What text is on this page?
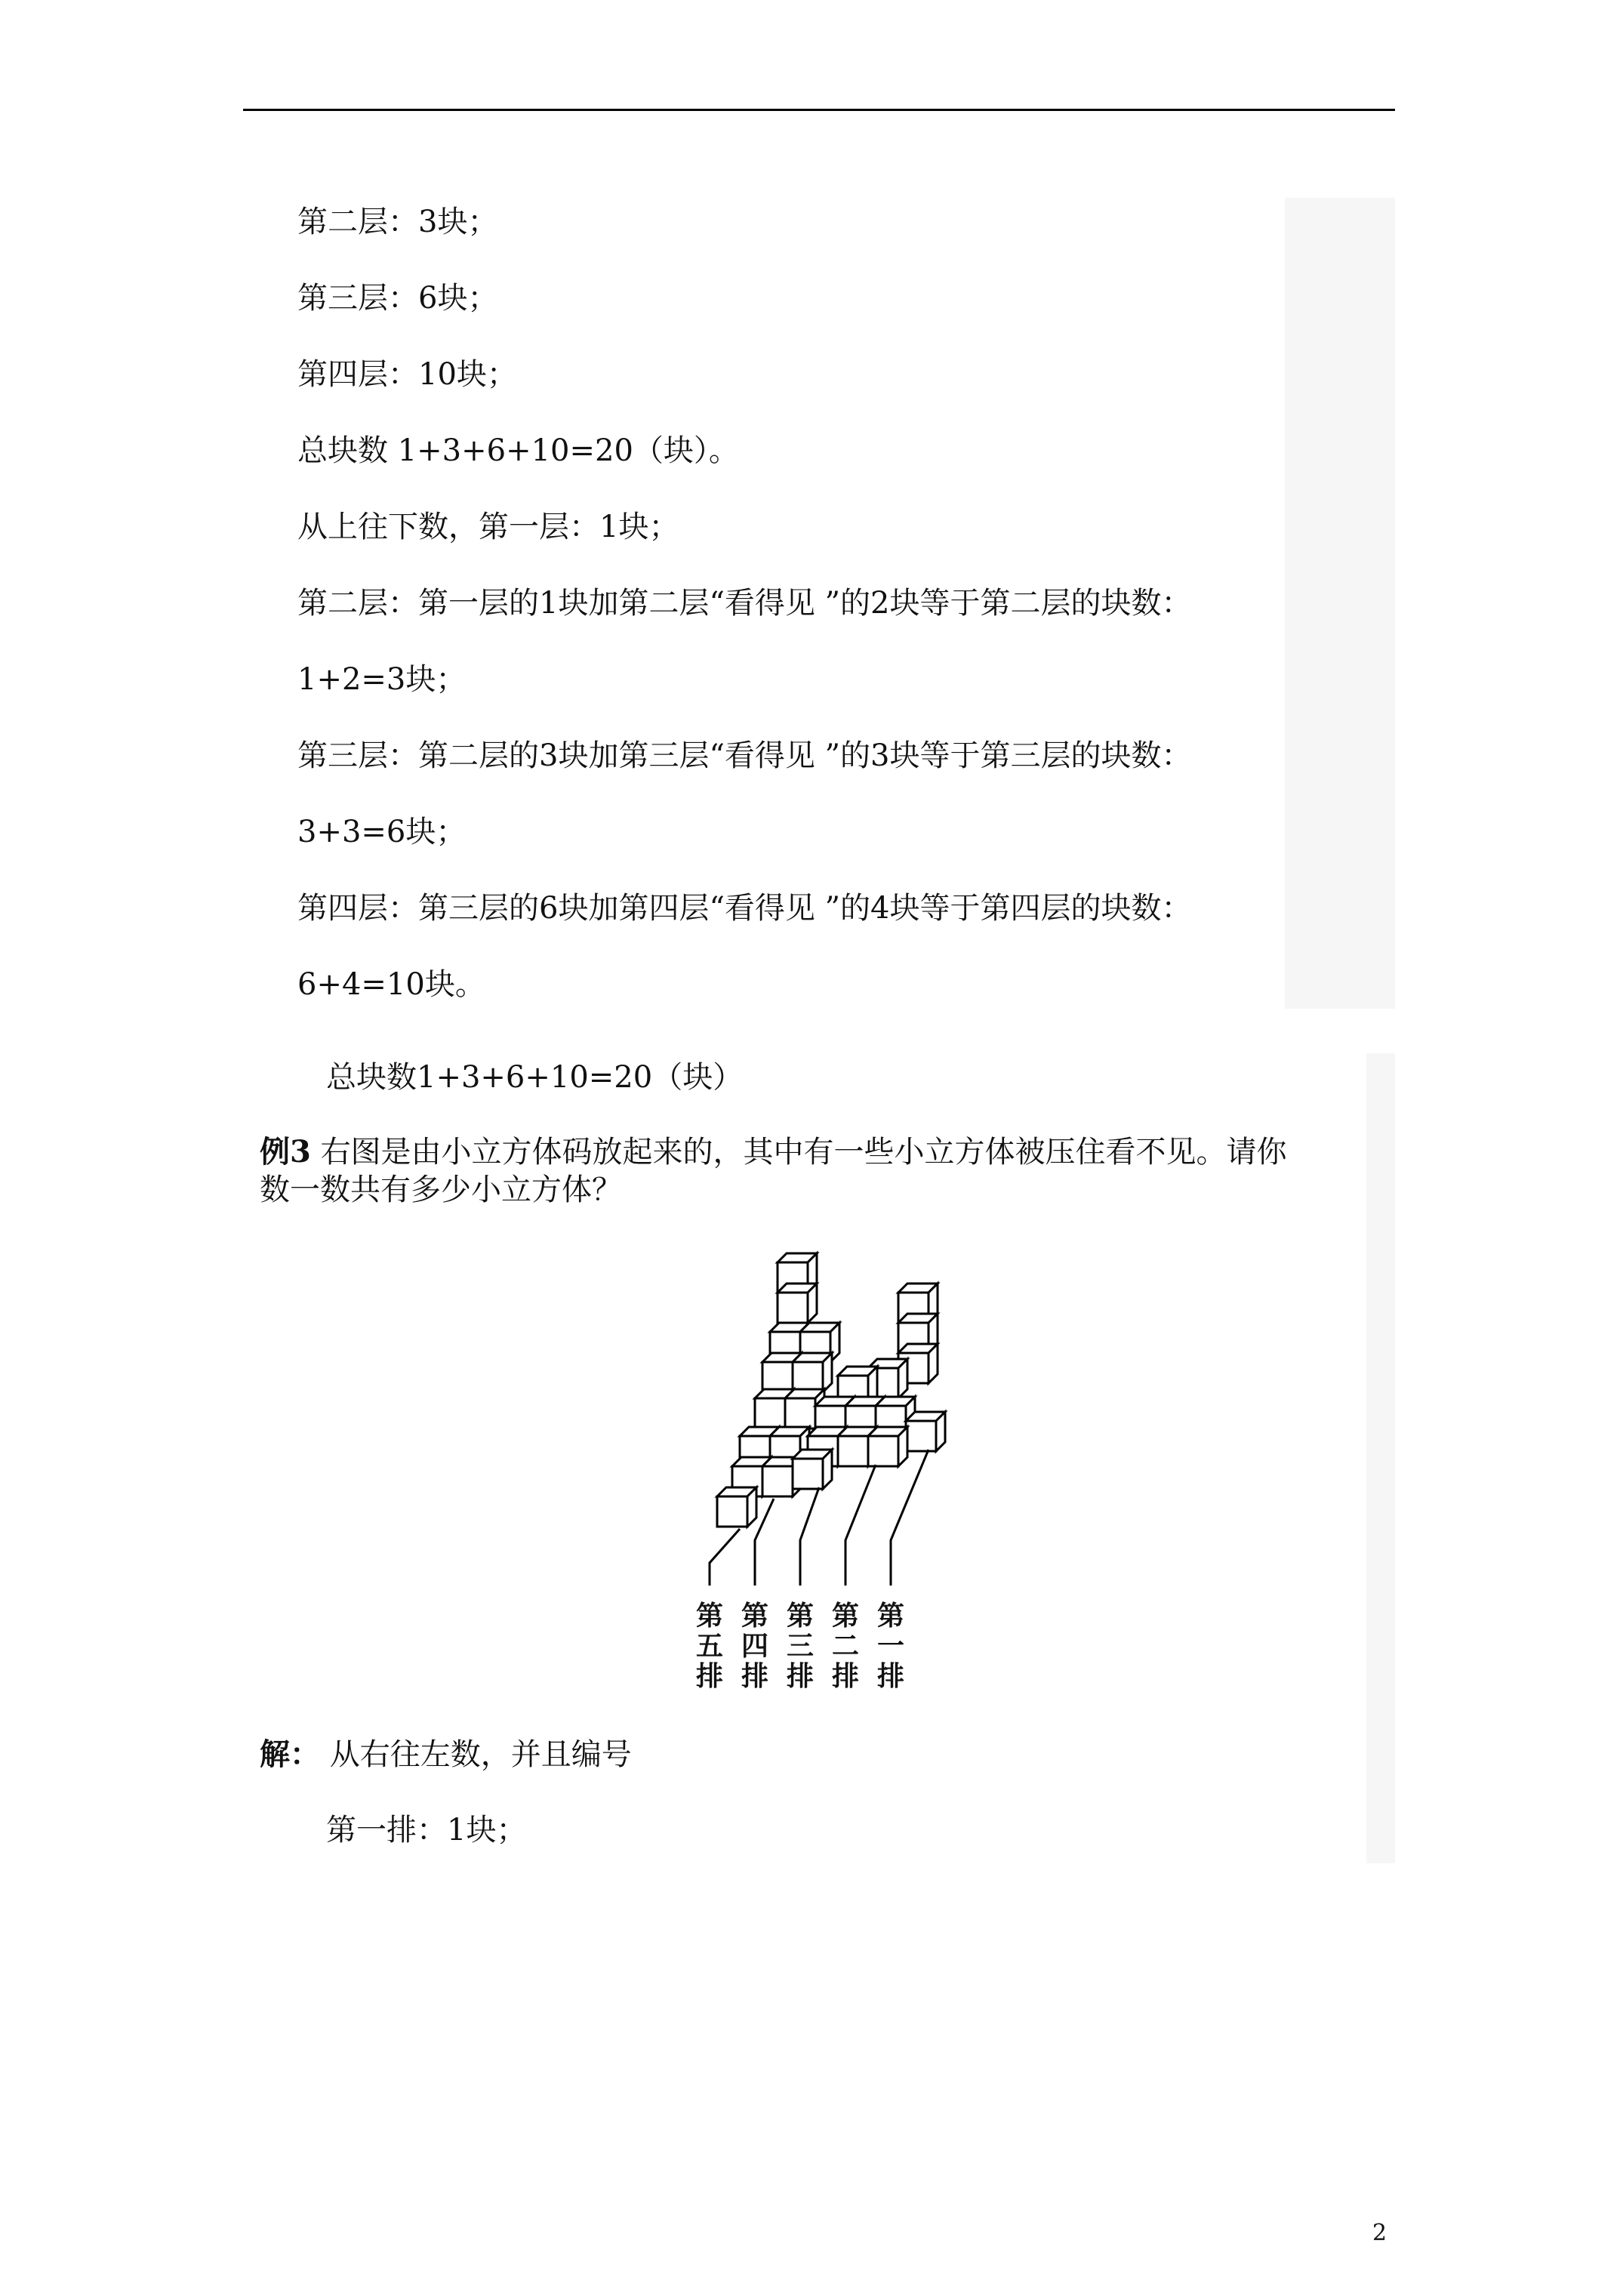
第二层：3块；
第三层：6块；
第四层：10块；
总块数 1+3+6+10=20（块）。
从上往下数，第一层：1块；
第二层：第一层的1块加第二层“看得见 ”的2块等于第二层的块数：
1+2=3块；
第三层：第二层的3块加第三层“看得见 ”的3块等于第三层的块数：
3+3=6块；
第四层：第三层的6块加第四层“看得见 ”的4块等于第四层的块数：
6+4=10块。
总块数1+3+6+10=20（块）
例3 右图是由小立方体码放起来的，其中有一些小立方体被压住看不见。请你
数一数共有多少小立方体？
第
五
排
第
四
排
第
三
排
第
二
排
第
一
排
解： 从右往左数，并且编号
第一排：1块；
2
